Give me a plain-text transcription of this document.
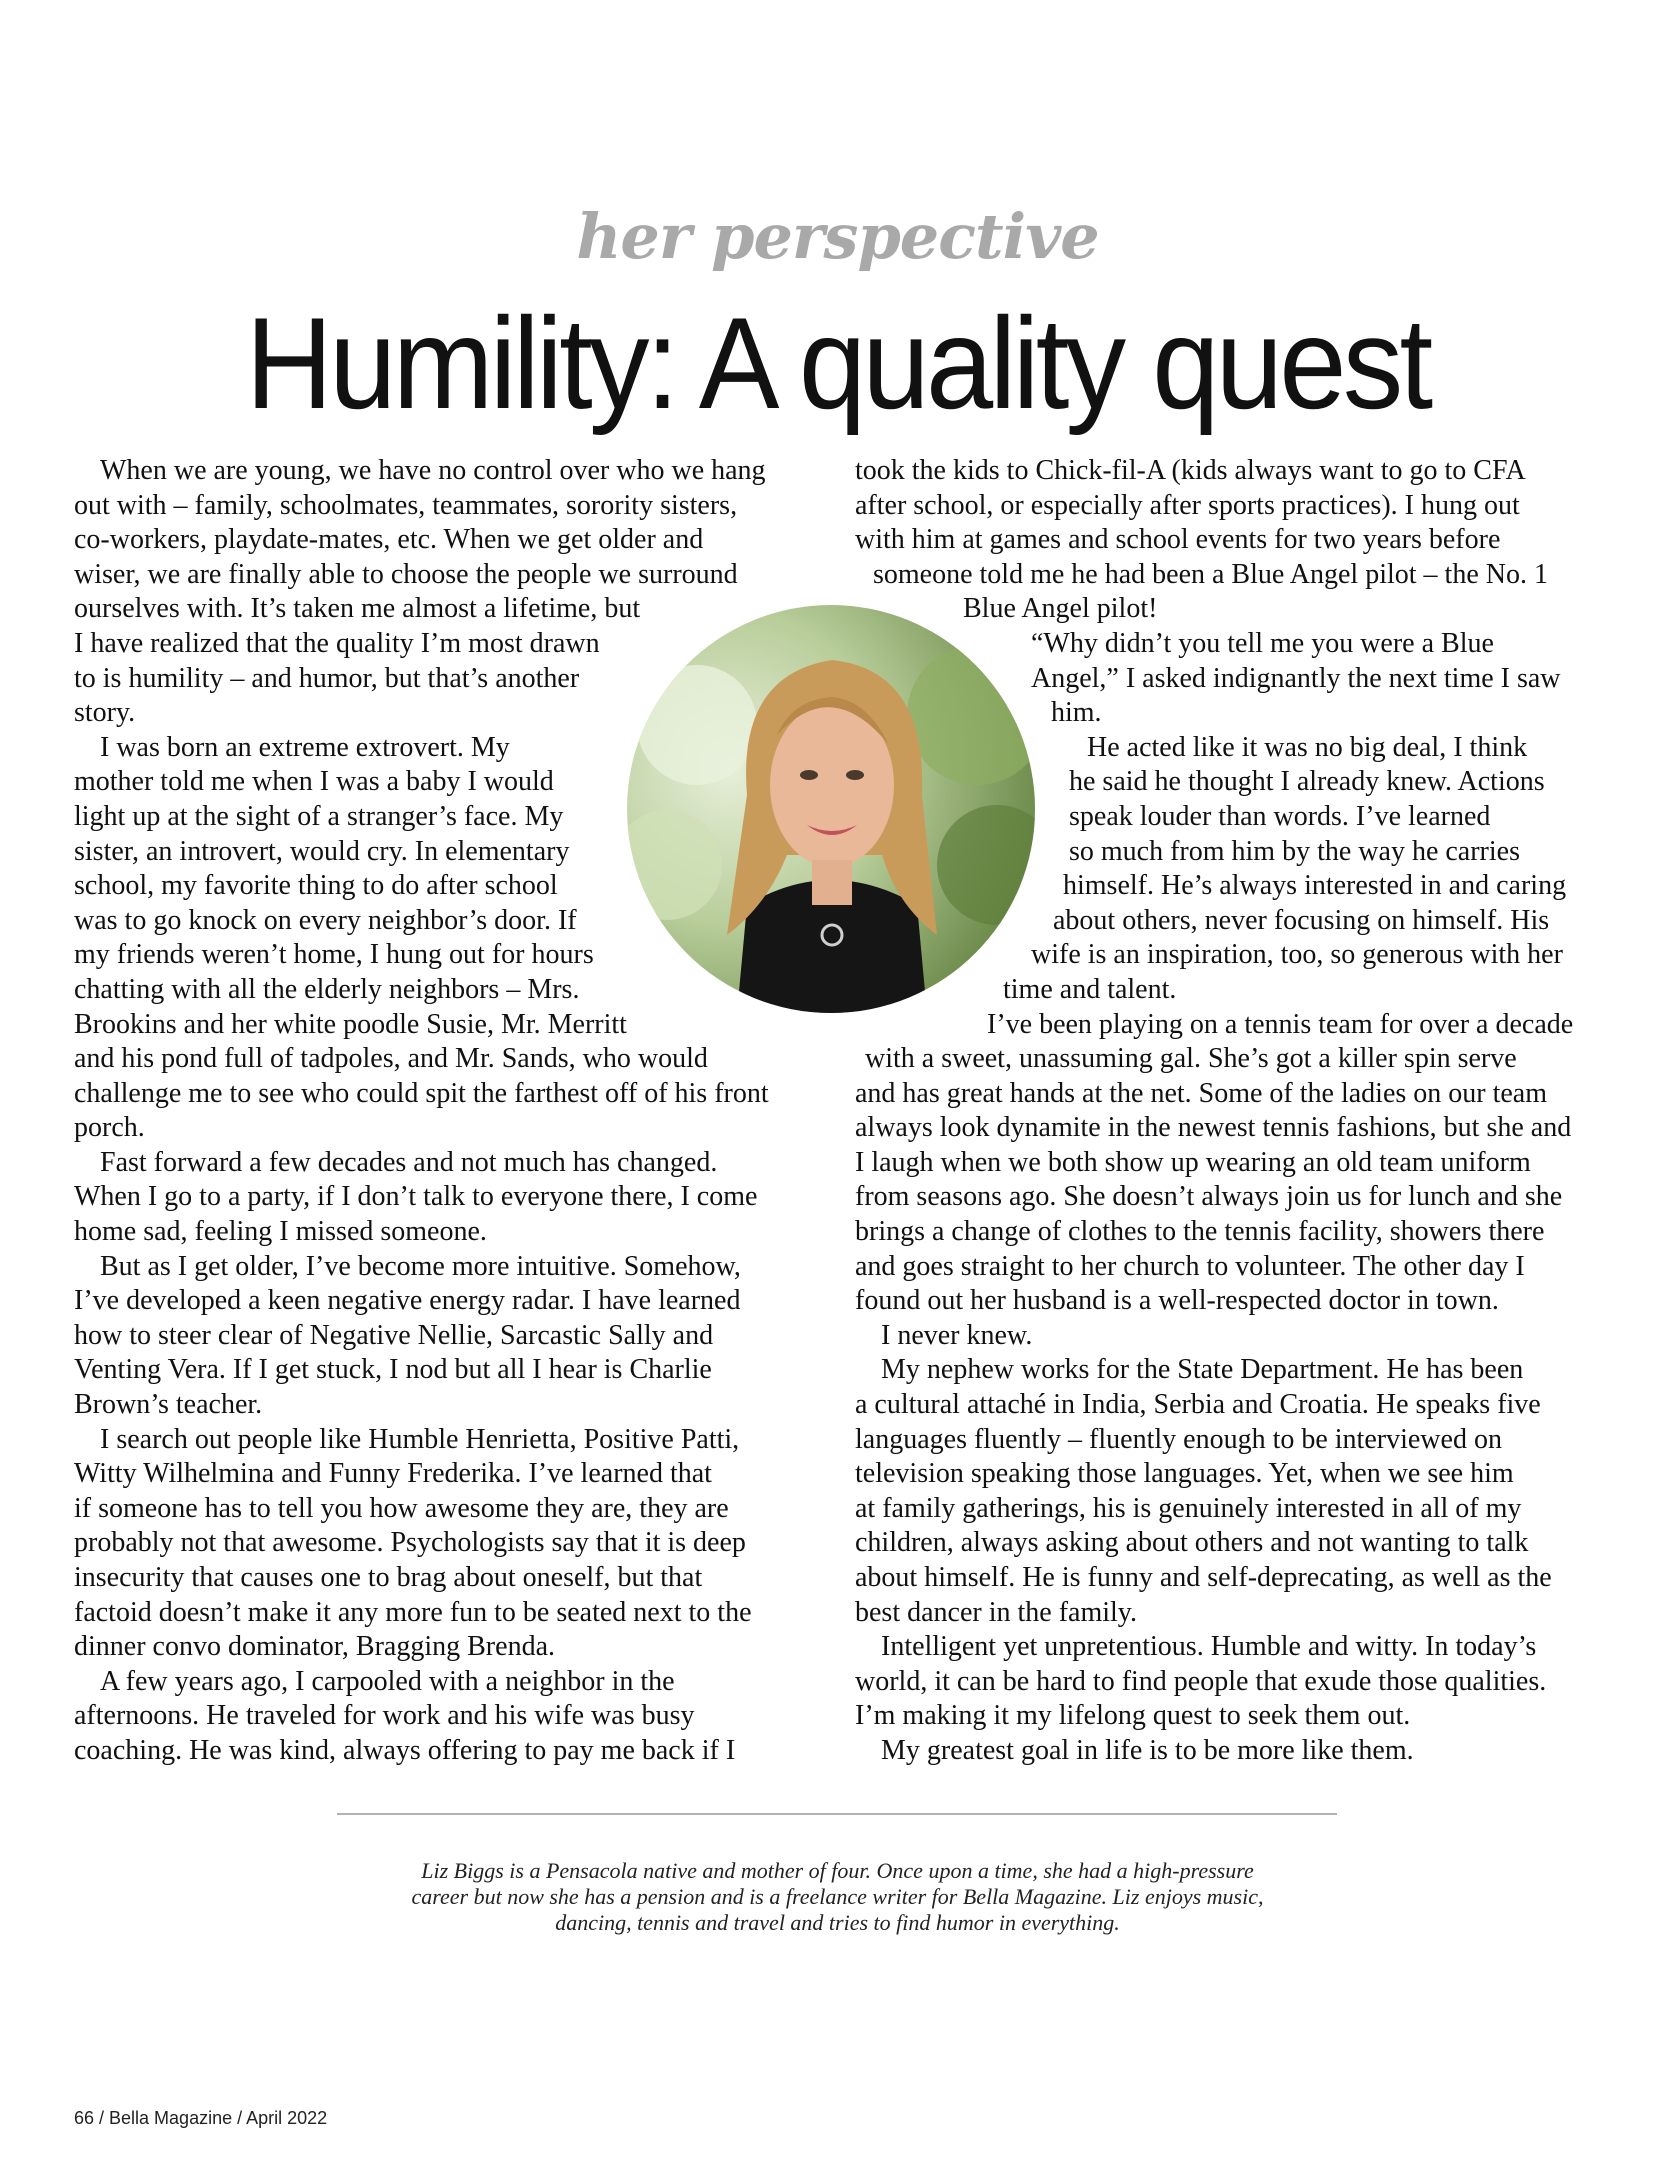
her perspective
Humility: A quality quest

When we are young, we have no control over who we hang

out with – family, schoolmates, teammates, sorority sisters,

co-workers, playdate-mates, etc. When we get older and

wiser, we are finally able to choose the people we surround

ourselves with. It’s taken me almost a lifetime, but

I have realized that the quality I’m most drawn

to is humility – and humor, but that’s another

story.

I was born an extreme extrovert. My

mother told me when I was a baby I would

light up at the sight of a stranger’s face. My

sister, an introvert, would cry. In elementary

school, my favorite thing to do after school

was to go knock on every neighbor’s door. If

my friends weren’t home, I hung out for hours

chatting with all the elderly neighbors – Mrs.

Brookins and her white poodle Susie, Mr. Merritt

and his pond full of tadpoles, and Mr. Sands, who would

challenge me to see who could spit the farthest off of his front

porch.

Fast forward a few decades and not much has changed.

When I go to a party, if I don’t talk to everyone there, I come

home sad, feeling I missed someone.

But as I get older, I’ve become more intuitive. Somehow,

I’ve developed a keen negative energy radar. I have learned

how to steer clear of Negative Nellie, Sarcastic Sally and

Venting Vera. If I get stuck, I nod but all I hear is Charlie

Brown’s teacher.

I search out people like Humble Henrietta, Positive Patti,

Witty Wilhelmina and Funny Frederika. I’ve learned that

if someone has to tell you how awesome they are, they are

probably not that awesome. Psychologists say that it is deep

insecurity that causes one to brag about oneself, but that

factoid doesn’t make it any more fun to be seated next to the

dinner convo dominator, Bragging Brenda.

A few years ago, I carpooled with a neighbor in the

afternoons. He traveled for work and his wife was busy

coaching. He was kind, always offering to pay me back if I

took the kids to Chick-fil-A (kids always want to go to CFA

after school, or especially after sports practices). I hung out

with him at games and school events for two years before

someone told me he had been a Blue Angel pilot – the No. 1

Blue Angel pilot!

“Why didn’t you tell me you were a Blue

Angel,” I asked indignantly the next time I saw

him.

He acted like it was no big deal, I think

he said he thought I already knew. Actions

speak louder than words. I’ve learned

so much from him by the way he carries

himself. He’s always interested in and caring

about others, never focusing on himself. His

wife is an inspiration, too, so generous with her

time and talent.

I’ve been playing on a tennis team for over a decade

with a sweet, unassuming gal. She’s got a killer spin serve

and has great hands at the net. Some of the ladies on our team

always look dynamite in the newest tennis fashions, but she and

I laugh when we both show up wearing an old team uniform

from seasons ago. She doesn’t always join us for lunch and she

brings a change of clothes to the tennis facility, showers there

and goes straight to her church to volunteer. The other day I

found out her husband is a well-respected doctor in town.

I never knew.

My nephew works for the State Department. He has been

a cultural attaché in India, Serbia and Croatia. He speaks five

languages fluently – fluently enough to be interviewed on

television speaking those languages. Yet, when we see him

at family gatherings, his is genuinely interested in all of my

children, always asking about others and not wanting to talk

about himself. He is funny and self-deprecating, as well as the

best dancer in the family.

Intelligent yet unpretentious. Humble and witty. In today’s

world, it can be hard to find people that exude those qualities.

I’m making it my lifelong quest to seek them out.

My greatest goal in life is to be more like them.

Liz Biggs is a Pensacola native and mother of four. Once upon a time, she had a high-pressure
career but now she has a pension and is a freelance writer for Bella Magazine. Liz enjoys music,
dancing, tennis and travel and tries to find humor in everything.
66 / Bella Magazine / April 2022
